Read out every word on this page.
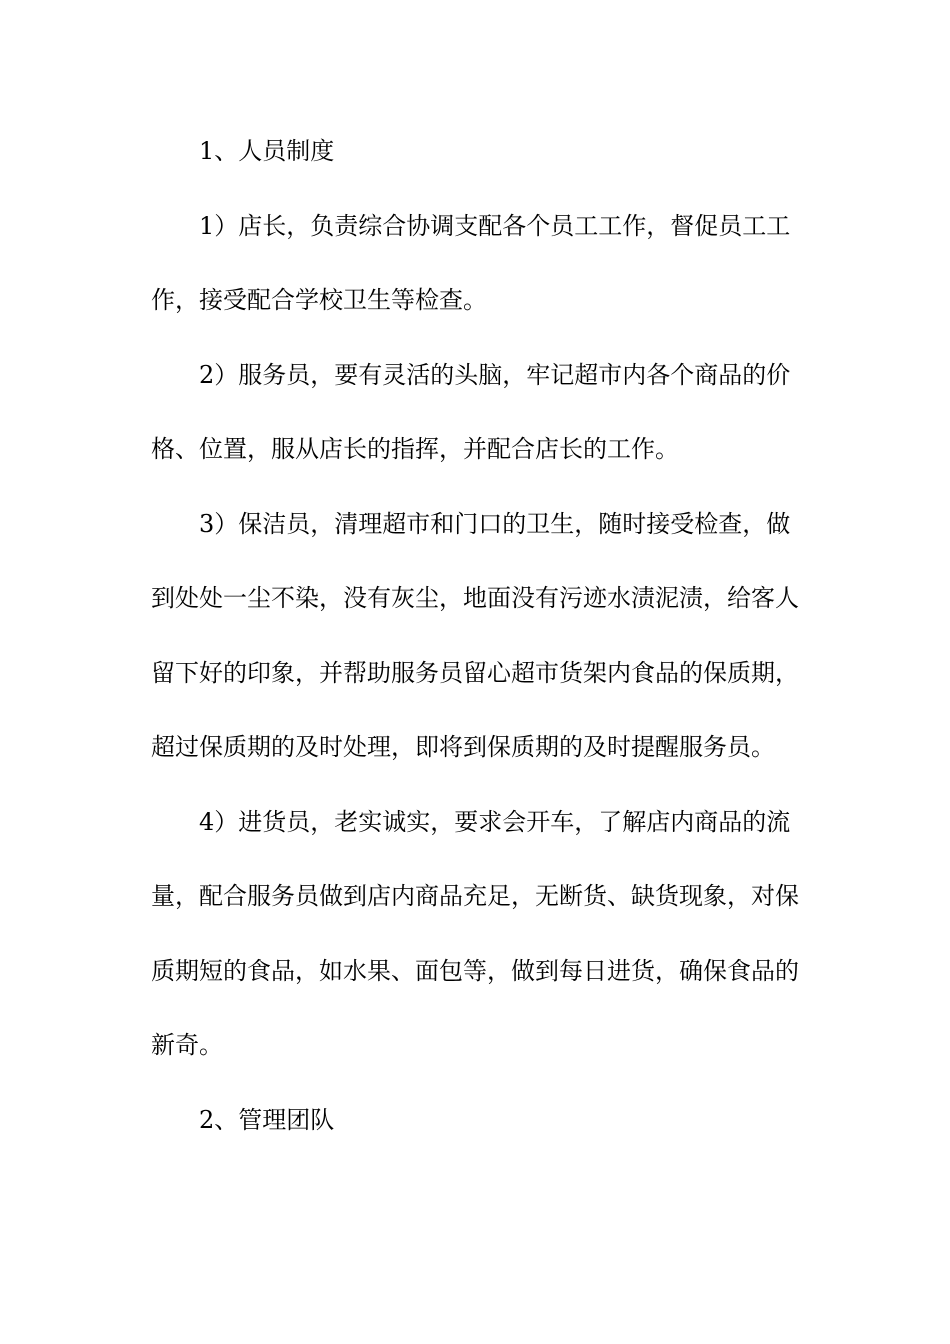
1、人员制度

1）店长，负责综合协调支配各个员工工作，督促员工工作，接受配合学校卫生等检查。

2）服务员，要有灵活的头脑，牢记超市内各个商品的价格、位置，服从店长的指挥，并配合店长的工作。

3）保洁员，清理超市和门口的卫生，随时接受检查，做到处处一尘不染，没有灰尘，地面没有污迹水渍泥渍，给客人留下好的印象，并帮助服务员留心超市货架内食品的保质期，超过保质期的及时处理，即将到保质期的及时提醒服务员。

4）进货员，老实诚实，要求会开车，了解店内商品的流量，配合服务员做到店内商品充足，无断货、缺货现象，对保质期短的食品，如水果、面包等，做到每日进货，确保食品的新奇。

2、管理团队
